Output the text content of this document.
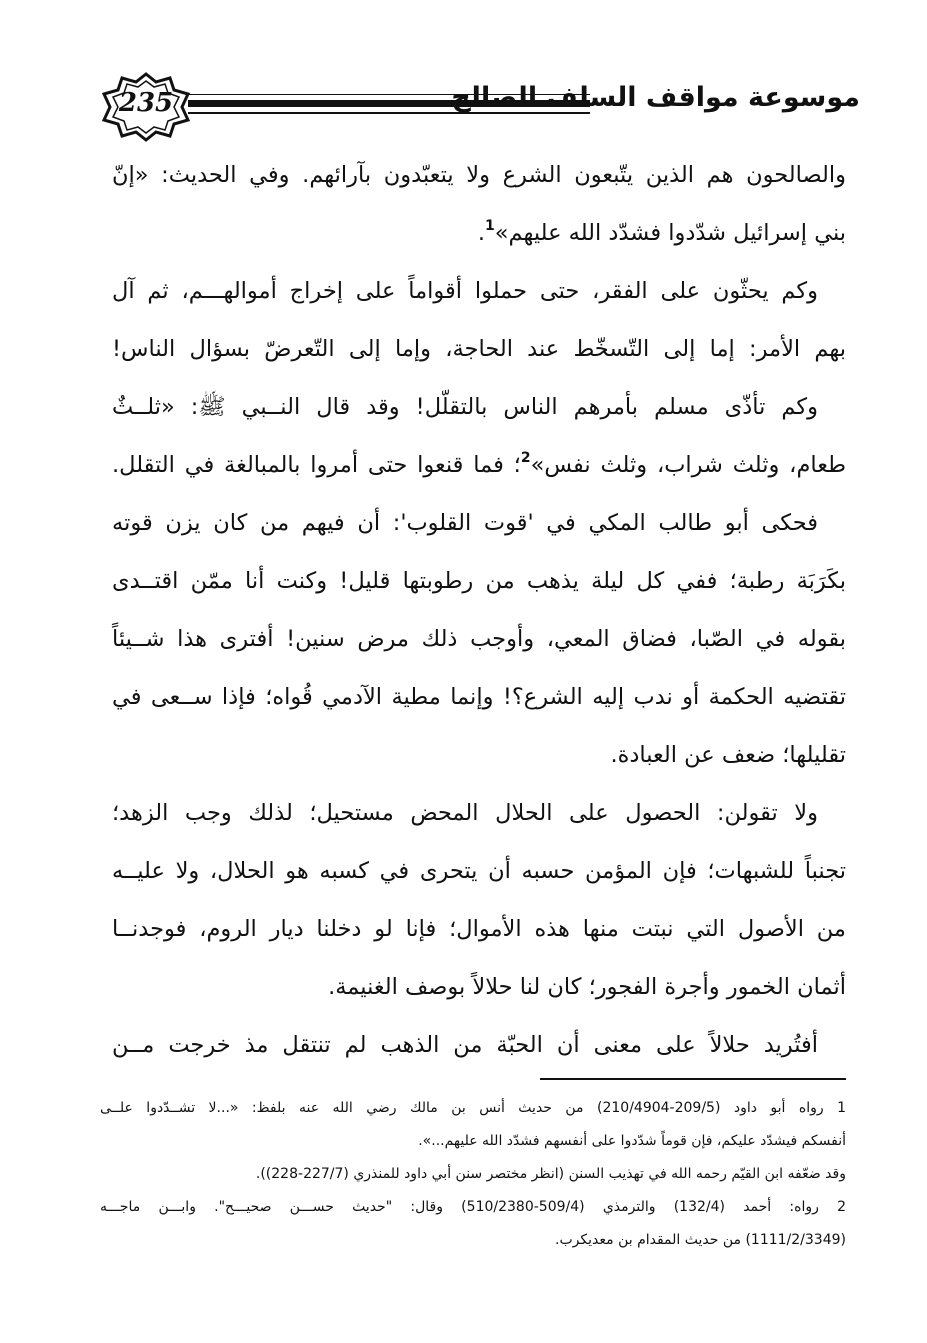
235	موسوعة مواقف السلف الصالح
والصالحون هم الذين يتّبعون الشرع ولا يتعبّدون بآرائهم. وفي الحديث: «إنّ
بني إسرائيل شدّدوا فشدّد الله عليهم»$^1$.
وكم يحثّون على الفقر، حتى حملوا أقواماً على إخراج أموالهـــم، ثم آل
بهم الأمر: إما إلى التّسخّط عند الحاجة، وإما إلى التّعرضّ بسؤال الناس!
وكم تأذّى مسلم بأمرهم الناس بالتقلّل! وقد قال النــبي ﷺ: «ثلــثٌ
طعام، وثلث شراب، وثلث نفس»$^2$؛ فما قنعوا حتى أمروا بالمبالغة في التقلل.
فحكى أبو طالب المكي في 'قوت القلوب': أن فيهم من كان يزن قوته
بكَرَبَة رطبة؛ ففي كل ليلة يذهب من رطوبتها قليل! وكنت أنا ممّن اقتــدى
بقوله في الصّبا، فضاق المعي، وأوجب ذلك مرض سنين! أفترى هذا شــيئاً
تقتضيه الحكمة أو ندب إليه الشرع؟! وإنما مطية الآدمي قُواه؛ فإذا ســعى في
تقليلها؛ ضعف عن العبادة.
ولا تقولن: الحصول على الحلال المحض مستحيل؛ لذلك وجب الزهد؛
تجنباً للشبهات؛ فإن المؤمن حسبه أن يتحرى في كسبه هو الحلال، ولا عليــه
من الأصول التي نبتت منها هذه الأموال؛ فإنا لو دخلنا ديار الروم، فوجدنــا
أثمان الخمور وأجرة الفجور؛ كان لنا حلالاً بوصف الغنيمة.
أفتُريد حلالاً على معنى أن الحبّة من الذهب لم تنتقل مذ خرجت مــن
1 رواه أبو داود (209/5-210/4904) من حديث أنس بن مالك رضي الله عنه بلفظ: «...لا تشــدّدوا علــى
أنفسكم فيشدّد عليكم، فإن قوماً شدّدوا على أنفسهم فشدّد الله عليهم...».
وقد ضعّفه ابن القيّم رحمه الله في تهذيب السنن (انظر مختصر سنن أبي داود للمنذري (227/7-228)).
2 رواه: أحمد (132/4) والترمذي (509/4-510/2380) وقال: "حديث حســـن صحيـــح". وابـــن ماجـــه
(1111/2/3349) من حديث المقدام بن معديكرب.
